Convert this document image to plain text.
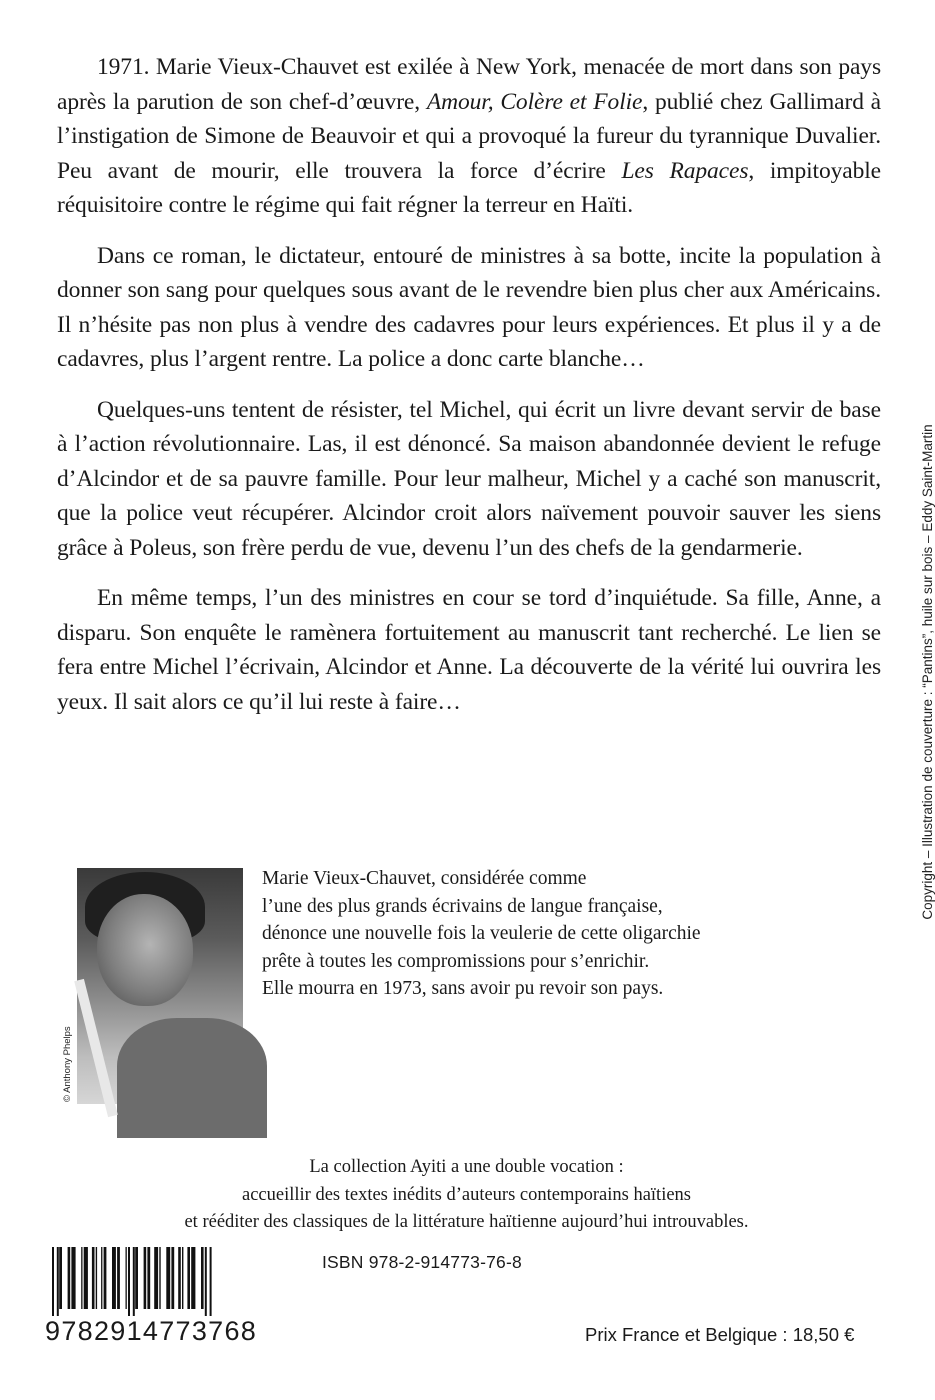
1971. Marie Vieux-Chauvet est exilée à New York, menacée de mort dans son pays après la parution de son chef-d’œuvre, Amour, Colère et Folie, publié chez Gallimard à l’instigation de Simone de Beauvoir et qui a provoqué la fureur du tyrannique Duvalier. Peu avant de mourir, elle trouvera la force d’écrire Les Rapaces, impitoyable réquisitoire contre le régime qui fait régner la terreur en Haïti.

Dans ce roman, le dictateur, entouré de ministres à sa botte, incite la population à donner son sang pour quelques sous avant de le revendre bien plus cher aux Américains. Il n’hésite pas non plus à vendre des cadavres pour leurs expériences. Et plus il y a de cadavres, plus l’argent rentre. La police a donc carte blanche…

Quelques-uns tentent de résister, tel Michel, qui écrit un livre devant servir de base à l’action révolutionnaire. Las, il est dénoncé. Sa maison abandonnée devient le refuge d’Alcindor et de sa pauvre famille. Pour leur malheur, Michel y a caché son manuscrit, que la police veut récupérer. Alcindor croit alors naïvement pouvoir sauver les siens grâce à Poleus, son frère perdu de vue, devenu l’un des chefs de la gendarmerie.

En même temps, l’un des ministres en cour se tord d’inquiétude. Sa fille, Anne, a disparu. Son enquête le ramènera fortuitement au manuscrit tant recherché. Le lien se fera entre Michel l’écrivain, Alcindor et Anne. La découverte de la vérité lui ouvrira les yeux. Il sait alors ce qu’il lui reste à faire…	Copyright – Illustration de couverture : “Pantins”, huile sur bois – Eddy Saint-Martin
© Anthony Phelps
Marie Vieux-Chauvet, considérée comme
l’une des plus grands écrivains de langue française,
dénonce une nouvelle fois la veulerie de cette oligarchie
prête à toutes les compromissions pour s’enrichir.
Elle mourra en 1973, sans avoir pu revoir son pays.
La collection Ayiti a une double vocation :
accueillir des textes inédits d’auteurs contemporains haïtiens
et rééditer des classiques de la littérature haïtienne aujourd’hui introuvables.
9782914773768
ISBN 978-2-914773-76-8
Prix France et Belgique : 18,50 €
